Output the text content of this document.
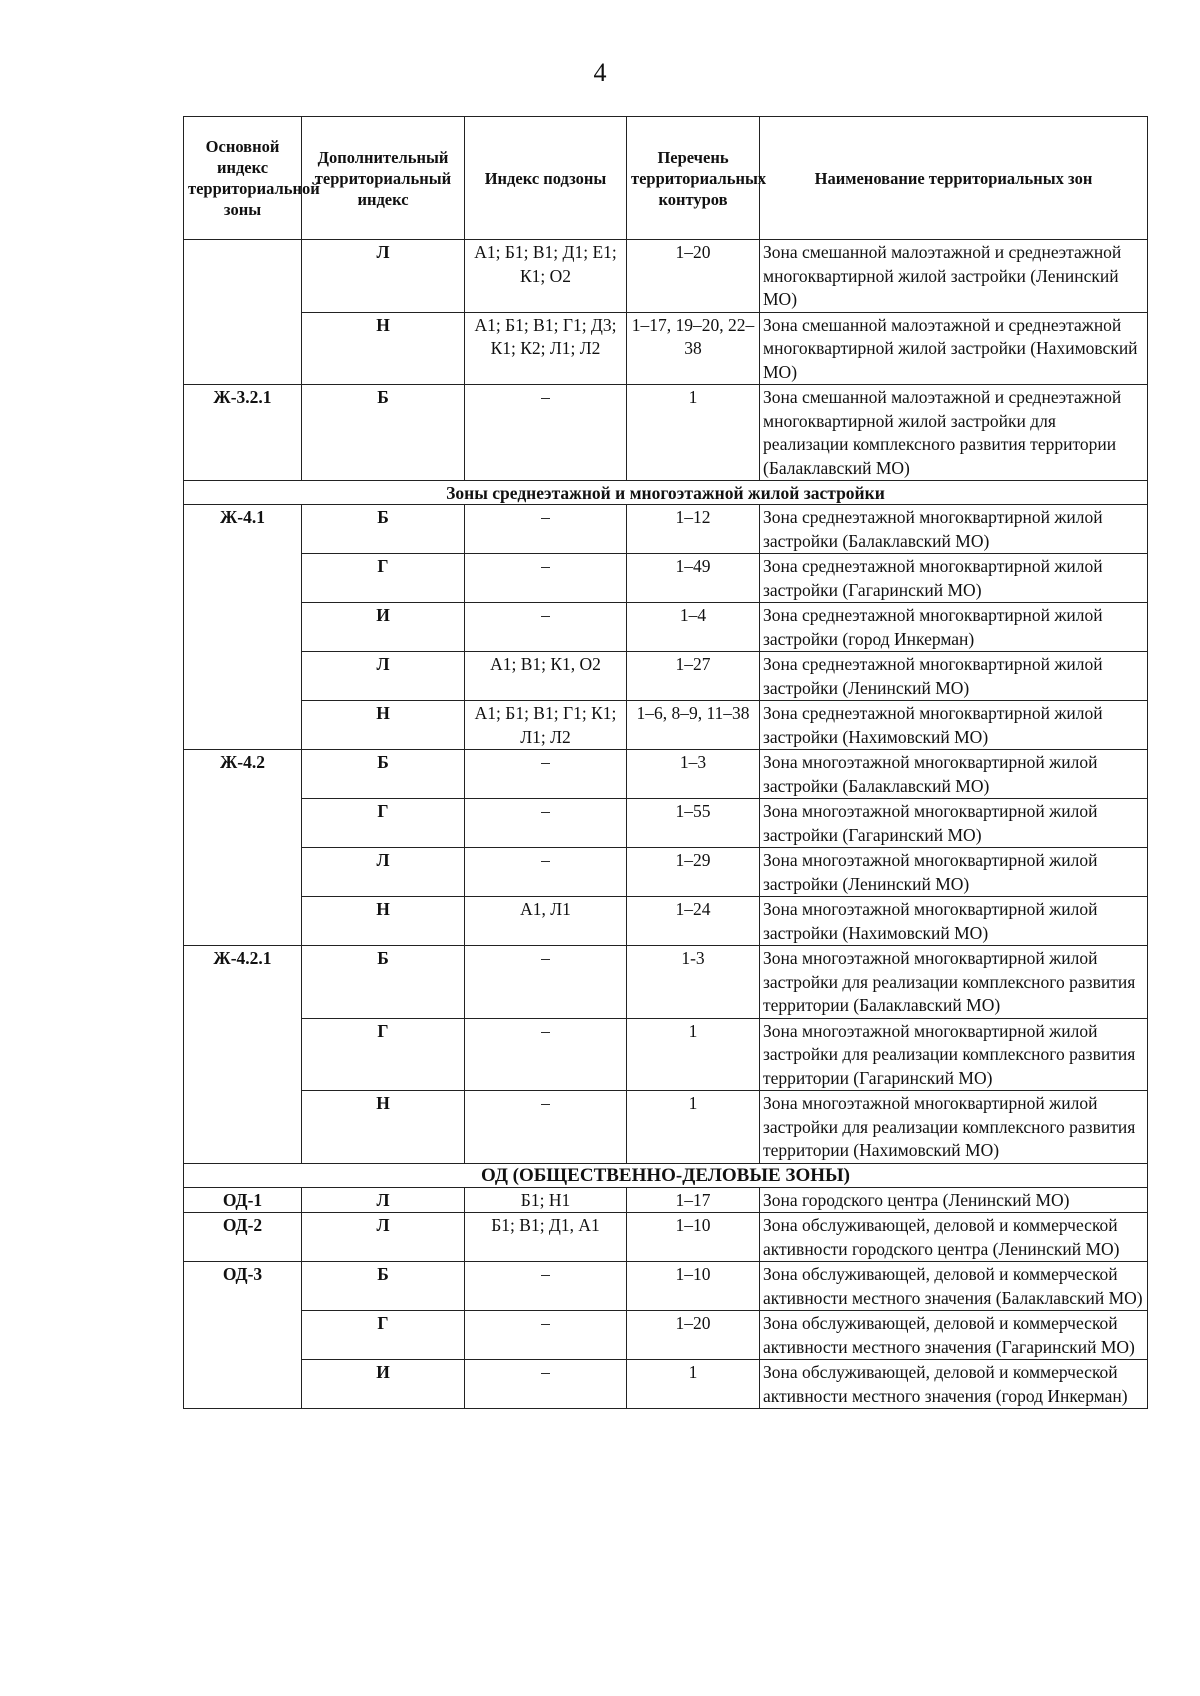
4
Основной индекс территориальной зоны	Дополнительный территориальный индекс	Индекс подзоны	Перечень территориальных контуров	Наименование территориальных зон
	Л	А1; Б1; В1; Д1; Е1; К1; О2	1–20	Зона смешанной малоэтажной и среднеэтажной многоквартирной жилой застройки (Ленинский МО)
	Н	А1; Б1; В1; Г1; Д3; К1; К2; Л1; Л2	1–17, 19–20, 22–38	Зона смешанной малоэтажной и среднеэтажной многоквартирной жилой застройки (Нахимовский МО)
Ж-3.2.1	Б	–	1	Зона смешанной малоэтажной и среднеэтажной многоквартирной жилой застройки для реализации комплексного развития территории (Балаклавский МО)
Зоны среднеэтажной и многоэтажной жилой застройки				
Ж-4.1	Б	–	1–12	Зона среднеэтажной многоквартирной жилой застройки (Балаклавский МО)
	Г	–	1–49	Зона среднеэтажной многоквартирной жилой застройки (Гагаринский МО)
	И	–	1–4	Зона среднеэтажной многоквартирной жилой застройки (город Инкерман)
	Л	А1; В1; К1, О2	1–27	Зона среднеэтажной многоквартирной жилой застройки (Ленинский МО)
	Н	А1; Б1; В1; Г1; К1; Л1; Л2	1–6, 8–9, 11–38	Зона среднеэтажной многоквартирной жилой застройки (Нахимовский МО)
Ж-4.2	Б	–	1–3	Зона многоэтажной многоквартирной жилой застройки (Балаклавский МО)
	Г	–	1–55	Зона многоэтажной многоквартирной жилой застройки (Гагаринский МО)
	Л	–	1–29	Зона многоэтажной многоквартирной жилой застройки (Ленинский МО)
	Н	А1, Л1	1–24	Зона многоэтажной многоквартирной жилой застройки (Нахимовский МО)
Ж-4.2.1	Б	–	1-3	Зона многоэтажной многоквартирной жилой застройки для реализации комплексного развития территории (Балаклавский МО)
	Г	–	1	Зона многоэтажной многоквартирной жилой застройки для реализации комплексного развития территории (Гагаринский МО)
	Н	–	1	Зона многоэтажной многоквартирной жилой застройки для реализации комплексного развития территории (Нахимовский МО)
ОД (ОБЩЕСТВЕННО-ДЕЛОВЫЕ ЗОНЫ)				
ОД-1	Л	Б1; Н1	1–17	Зона городского центра (Ленинский МО)
ОД-2	Л	Б1; В1; Д1, А1	1–10	Зона обслуживающей, деловой и коммерческой активности городского центра (Ленинский МО)
ОД-3	Б	–	1–10	Зона обслуживающей, деловой и коммерческой активности местного значения (Балаклавский МО)
	Г	–	1–20	Зона обслуживающей, деловой и коммерческой активности местного значения (Гагаринский МО)
	И	–	1	Зона обслуживающей, деловой и коммерческой активности местного значения (город Инкерман)
